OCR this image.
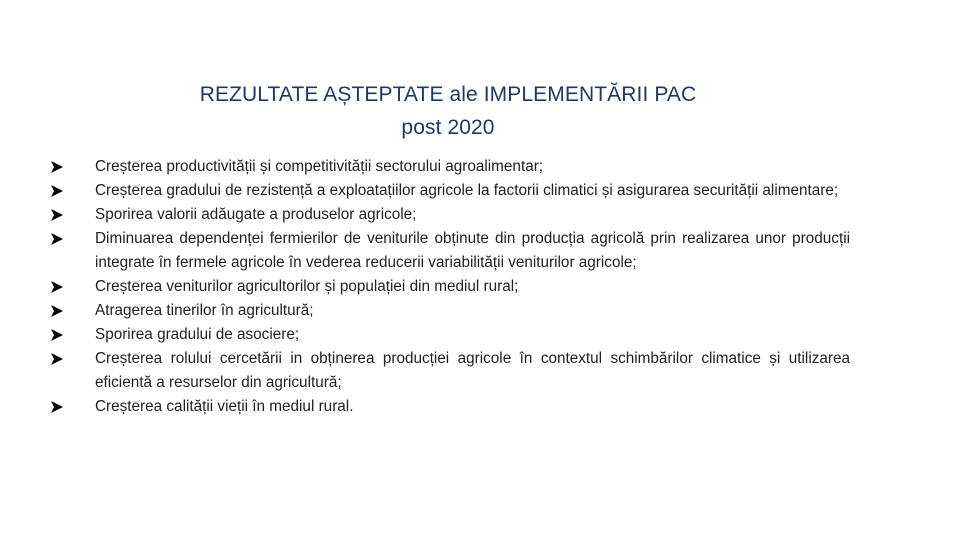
REZULTATE AȘTEPTATE ale IMPLEMENTĂRII PAC
post 2020
Creșterea productivității și competitivității sectorului agroalimentar;
Creșterea gradului de rezistență a exploatațiilor agricole la factorii climatici și asigurarea securității alimentare;
Sporirea valorii adăugate a produselor agricole;
Diminuarea dependenței fermierilor de veniturile obținute din producția agricolă prin realizarea unor producții integrate în fermele agricole în vederea reducerii variabilității veniturilor agricole;
Creșterea veniturilor agricultorilor și populației din mediul rural;
Atragerea tinerilor în agricultură;
Sporirea gradului de asociere;
Creșterea rolului cercetării in obținerea producției agricole în contextul schimbărilor climatice și utilizarea eficientă a resurselor din agricultură;
Creșterea calității vieții în mediul rural.
